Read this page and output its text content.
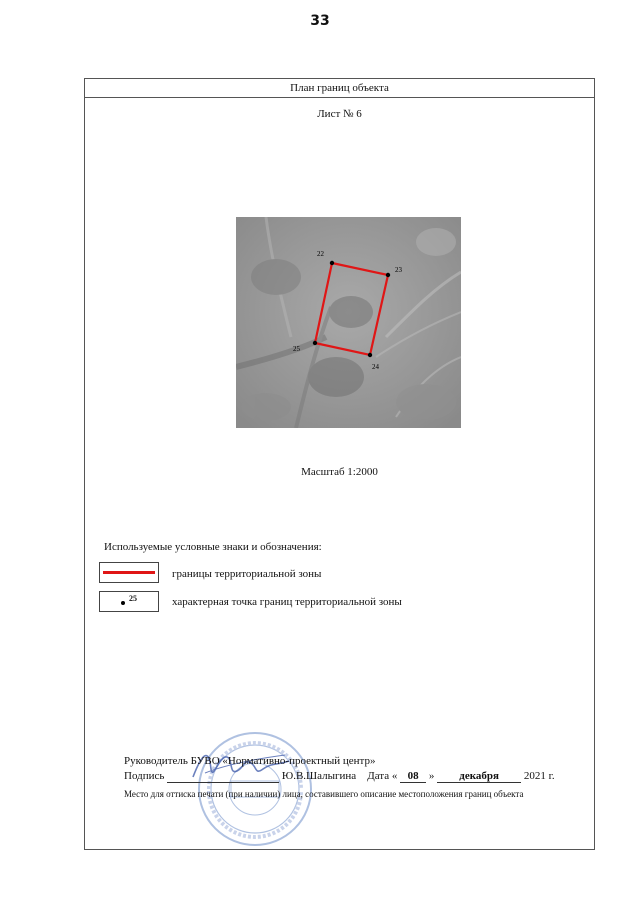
33
План границ объекта
Лист № 6
22
23
24
25
Масштаб 1:2000
Используемые условные знаки и обозначения:
границы территориальной зоны
25	характерная точка границ территориальной зоны
Руководитель БУВО «Нормативно-проектный центр»
Подпись	Ю.В.Шалыгина Дата « 08 » декабря 2021 г.
Место для оттиска печати (при наличии) лица, составившего описание местоположения границ объекта
